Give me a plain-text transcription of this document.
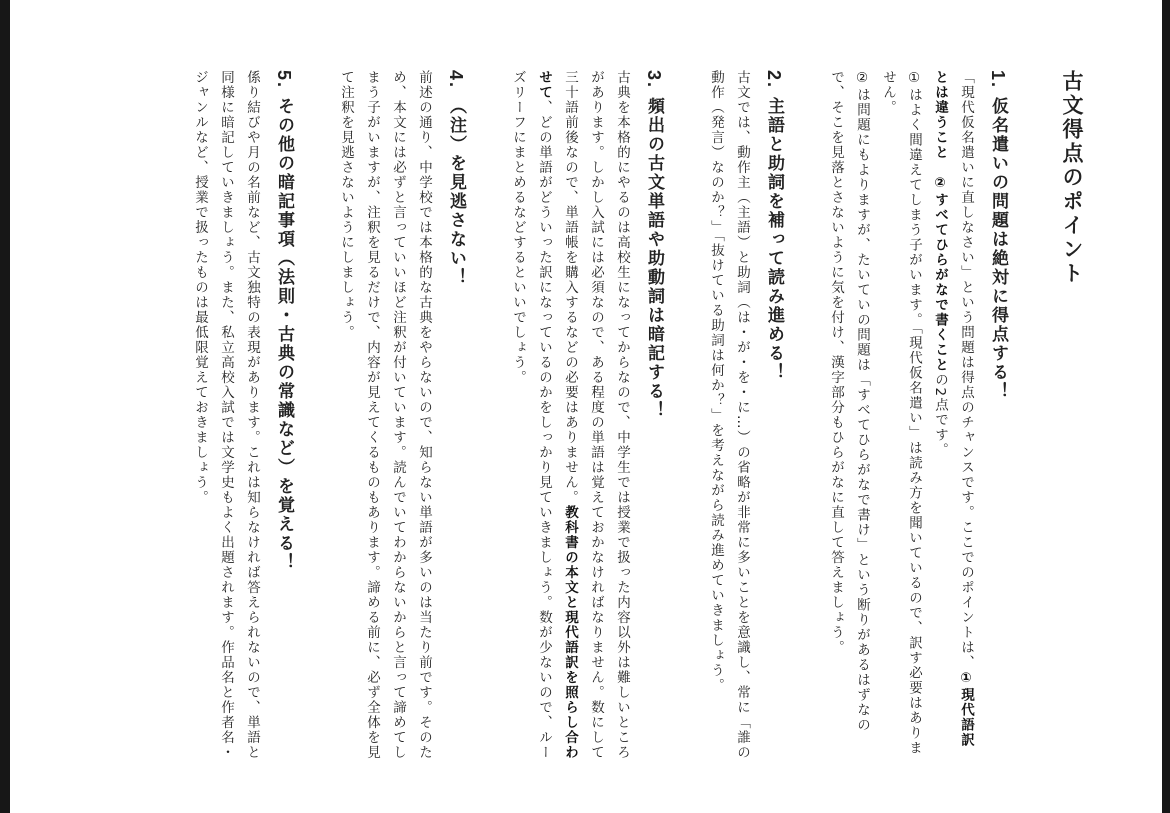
古文得点のポイント
1.仮名遣いの問題は絶対に得点する！

「現代仮名遣いに直しなさい」という問題は得点のチャンスです。ここでのポイントは、①現代語訳とは違うこと　②すべてひらがなで書くことの2点です。

①はよく間違えてしまう子がいます。「現代仮名遣い」は読み方を聞いているので、訳す必要はありません。

②は問題にもよりますが、たいていの問題は「すべてひらがなで書け」という断りがあるはずなので、そこを見落とさないように気を付け、漢字部分もひらがなに直して答えましょう。

2.主語と助詞を補って読み進める！

古文では、動作主（主語）と助詞（は・が・を・に…）の省略が非常に多いことを意識し、常に「誰の動作（発言）なのか？」「抜けている助詞は何か？」を考えながら読み進めていきましょう。

3.頻出の古文単語や助動詞は暗記する！

古典を本格的にやるのは高校生になってからなので、中学生では授業で扱った内容以外は難しいところがあります。しかし入試には必須なので、ある程度の単語は覚えておかなければなりません。数にして三十語前後なので、単語帳を購入するなどの必要はありません。教科書の本文と現代語訳を照らし合わせて、どの単語がどういった訳になっているのかをしっかり見ていきましょう。数が少ないので、ルーズリーフにまとめるなどするといいでしょう。

4.（注）を見逃さない！

前述の通り、中学校では本格的な古典をやらないので、知らない単語が多いのは当たり前です。そのため、本文には必ずと言っていいほど注釈が付いています。読んでいてわからないからと言って諦めてしまう子がいますが、注釈を見るだけで、内容が見えてくるものもあります。諦める前に、必ず全体を見て注釈を見逃さないようにしましょう。

5.その他の暗記事項（法則・古典の常識など）を覚える！

係り結びや月の名前など、古文独特の表現があります。これは知らなければ答えられないので、単語と同様に暗記していきましょう。また、私立高校入試では文学史もよく出題されます。作品名と作者名・ジャンルなど、授業で扱ったものは最低限覚えておきましょう。
